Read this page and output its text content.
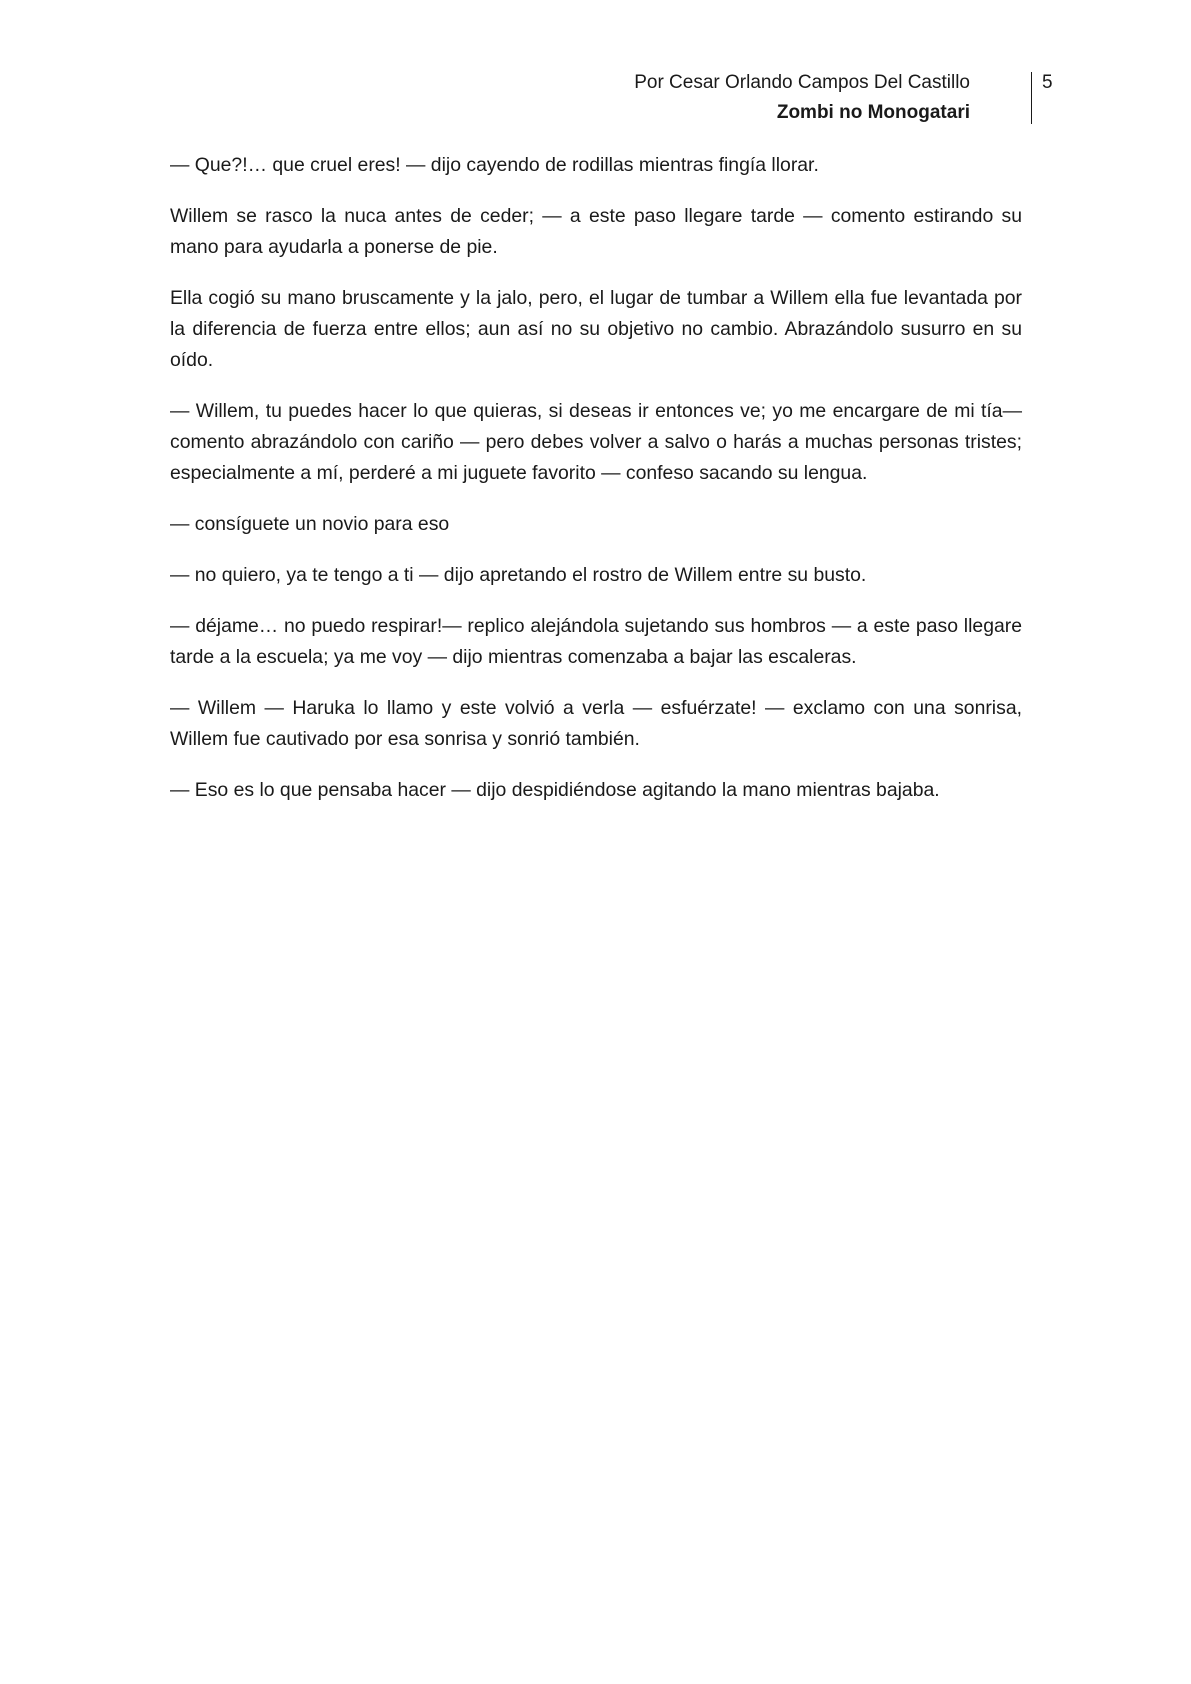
Por Cesar Orlando Campos Del Castillo
Zombi no Monogatari
5

— Que?!… que cruel eres! — dijo cayendo de rodillas mientras fingía llorar.

Willem se rasco la nuca antes de ceder; — a este paso llegare tarde — comento estirando su mano para ayudarla a ponerse de pie.

Ella cogió su mano bruscamente y la jalo, pero, el lugar de tumbar a Willem ella fue levantada por la diferencia de fuerza entre ellos; aun así no su objetivo no cambio. Abrazándolo susurro en su oído.

— Willem, tu puedes hacer lo que quieras, si deseas ir entonces ve; yo me encargare de mi tía— comento abrazándolo con cariño — pero debes volver a salvo o harás a muchas personas tristes; especialmente a mí, perderé a mi juguete favorito — confeso sacando su lengua.

— consíguete un novio para eso

— no quiero, ya te tengo a ti — dijo apretando el rostro de Willem entre su busto.

— déjame… no puedo respirar!— replico alejándola sujetando sus hombros — a este paso llegare tarde a la escuela; ya me voy — dijo mientras comenzaba a bajar las escaleras.

— Willem — Haruka lo llamo y este volvió a verla — esfuérzate! — exclamo con una sonrisa, Willem fue cautivado por esa sonrisa y sonrió también.

— Eso es lo que pensaba hacer — dijo despidiéndose agitando la mano mientras bajaba.
